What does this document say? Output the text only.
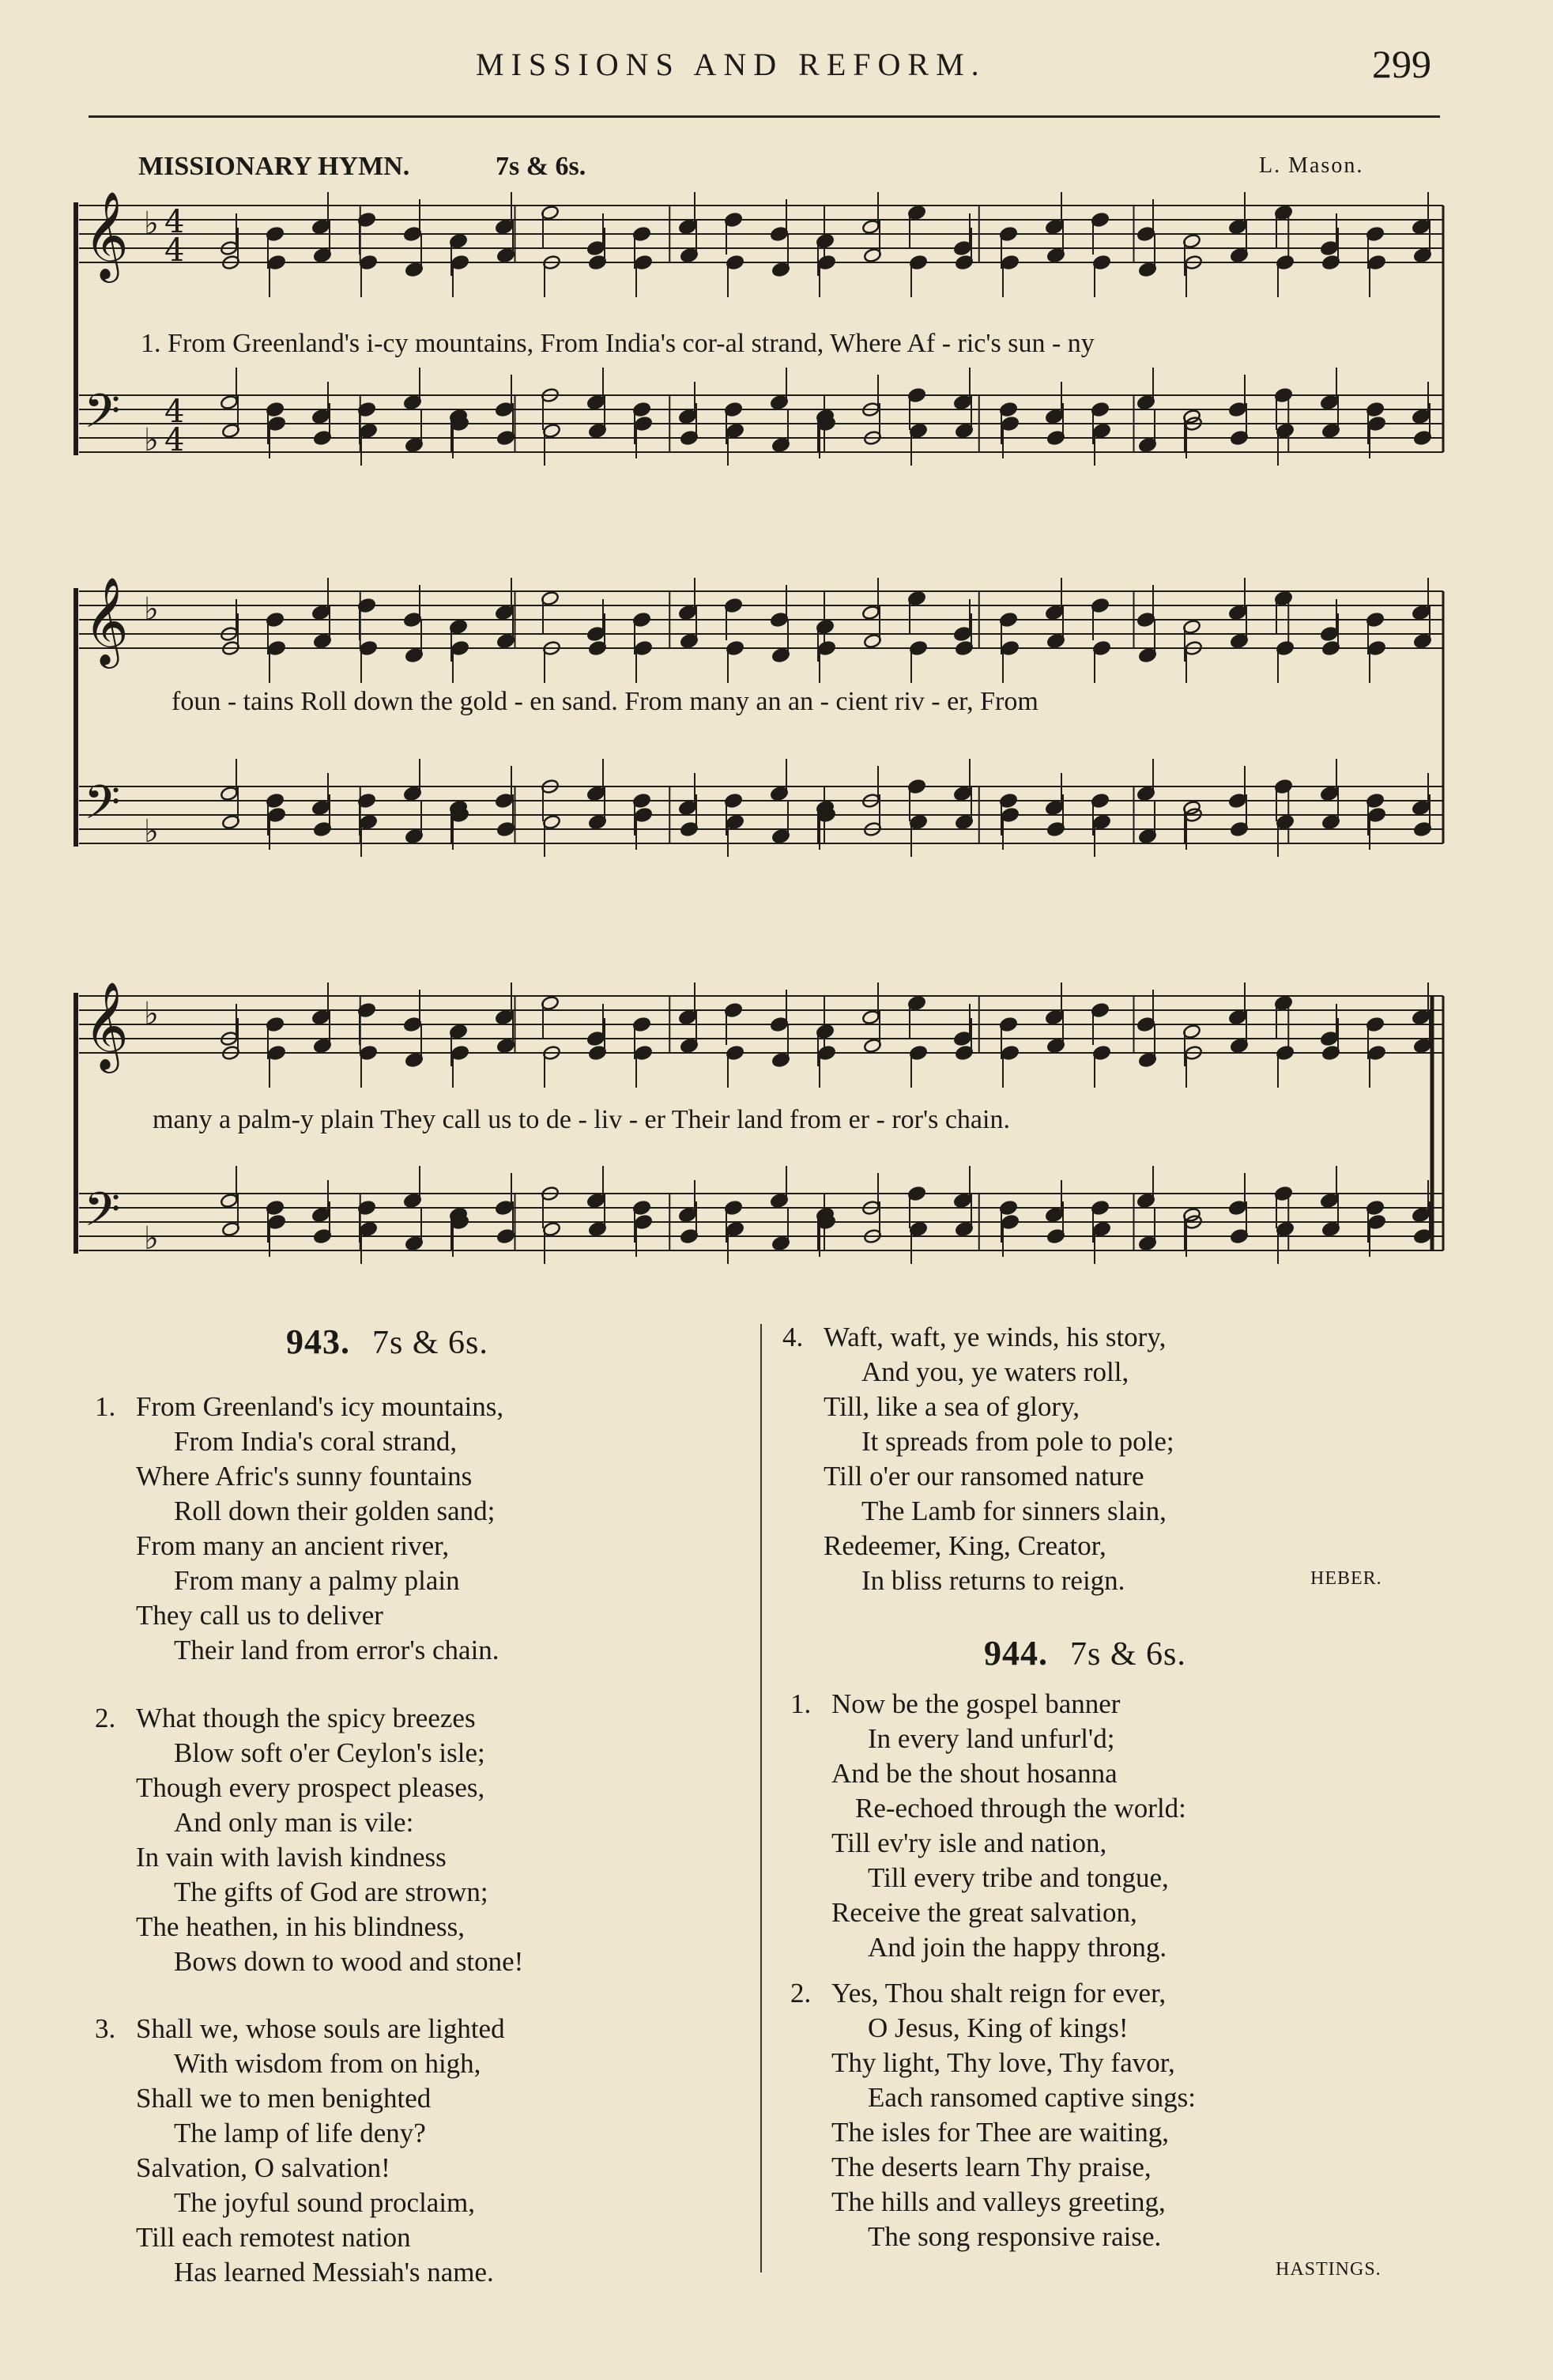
MISSIONS AND REFORM.	299
MISSIONARY HYMN.	7s & 6s.	L. Mason.
𝄞
𝄢
♭
♭
4
4
4
4
1. From Greenland's i-cy mountains, From India's cor-al strand, Where Af - ric's sun - ny
𝄞
𝄢
♭
♭
foun - tains Roll down the gold - en sand. From many an an - cient riv - er, From
𝄞
𝄢
♭
♭
many a palm-y plain They call us to de - liv - er Their land from er - ror's chain.
943. 7s & 6s.
1. From Greenland's icy mountains,
From India's coral strand,
Where Afric's sunny fountains
Roll down their golden sand;
From many an ancient river,
From many a palmy plain
They call us to deliver
Their land from error's chain.
2. What though the spicy breezes
Blow soft o'er Ceylon's isle;
Though every prospect pleases,
And only man is vile:
In vain with lavish kindness
The gifts of God are strown;
The heathen, in his blindness,
Bows down to wood and stone!
3. Shall we, whose souls are lighted
With wisdom from on high,
Shall we to men benighted
The lamp of life deny?
Salvation, O salvation!
The joyful sound proclaim,
Till each remotest nation
Has learned Messiah's name.
4. Waft, waft, ye winds, his story,
And you, ye waters roll,
Till, like a sea of glory,
It spreads from pole to pole;
Till o'er our ransomed nature
The Lamb for sinners slain,
Redeemer, King, Creator,
In bliss returns to reign.	HEBER.
944. 7s & 6s.
1. Now be the gospel banner
In every land unfurl'd;
And be the shout hosanna
Re-echoed through the world:
Till ev'ry isle and nation,
Till every tribe and tongue,
Receive the great salvation,
And join the happy throng.
2. Yes, Thou shalt reign for ever,
O Jesus, King of kings!
Thy light, Thy love, Thy favor,
Each ransomed captive sings:
The isles for Thee are waiting,
The deserts learn Thy praise,
The hills and valleys greeting,
The song responsive raise.
HASTINGS.
